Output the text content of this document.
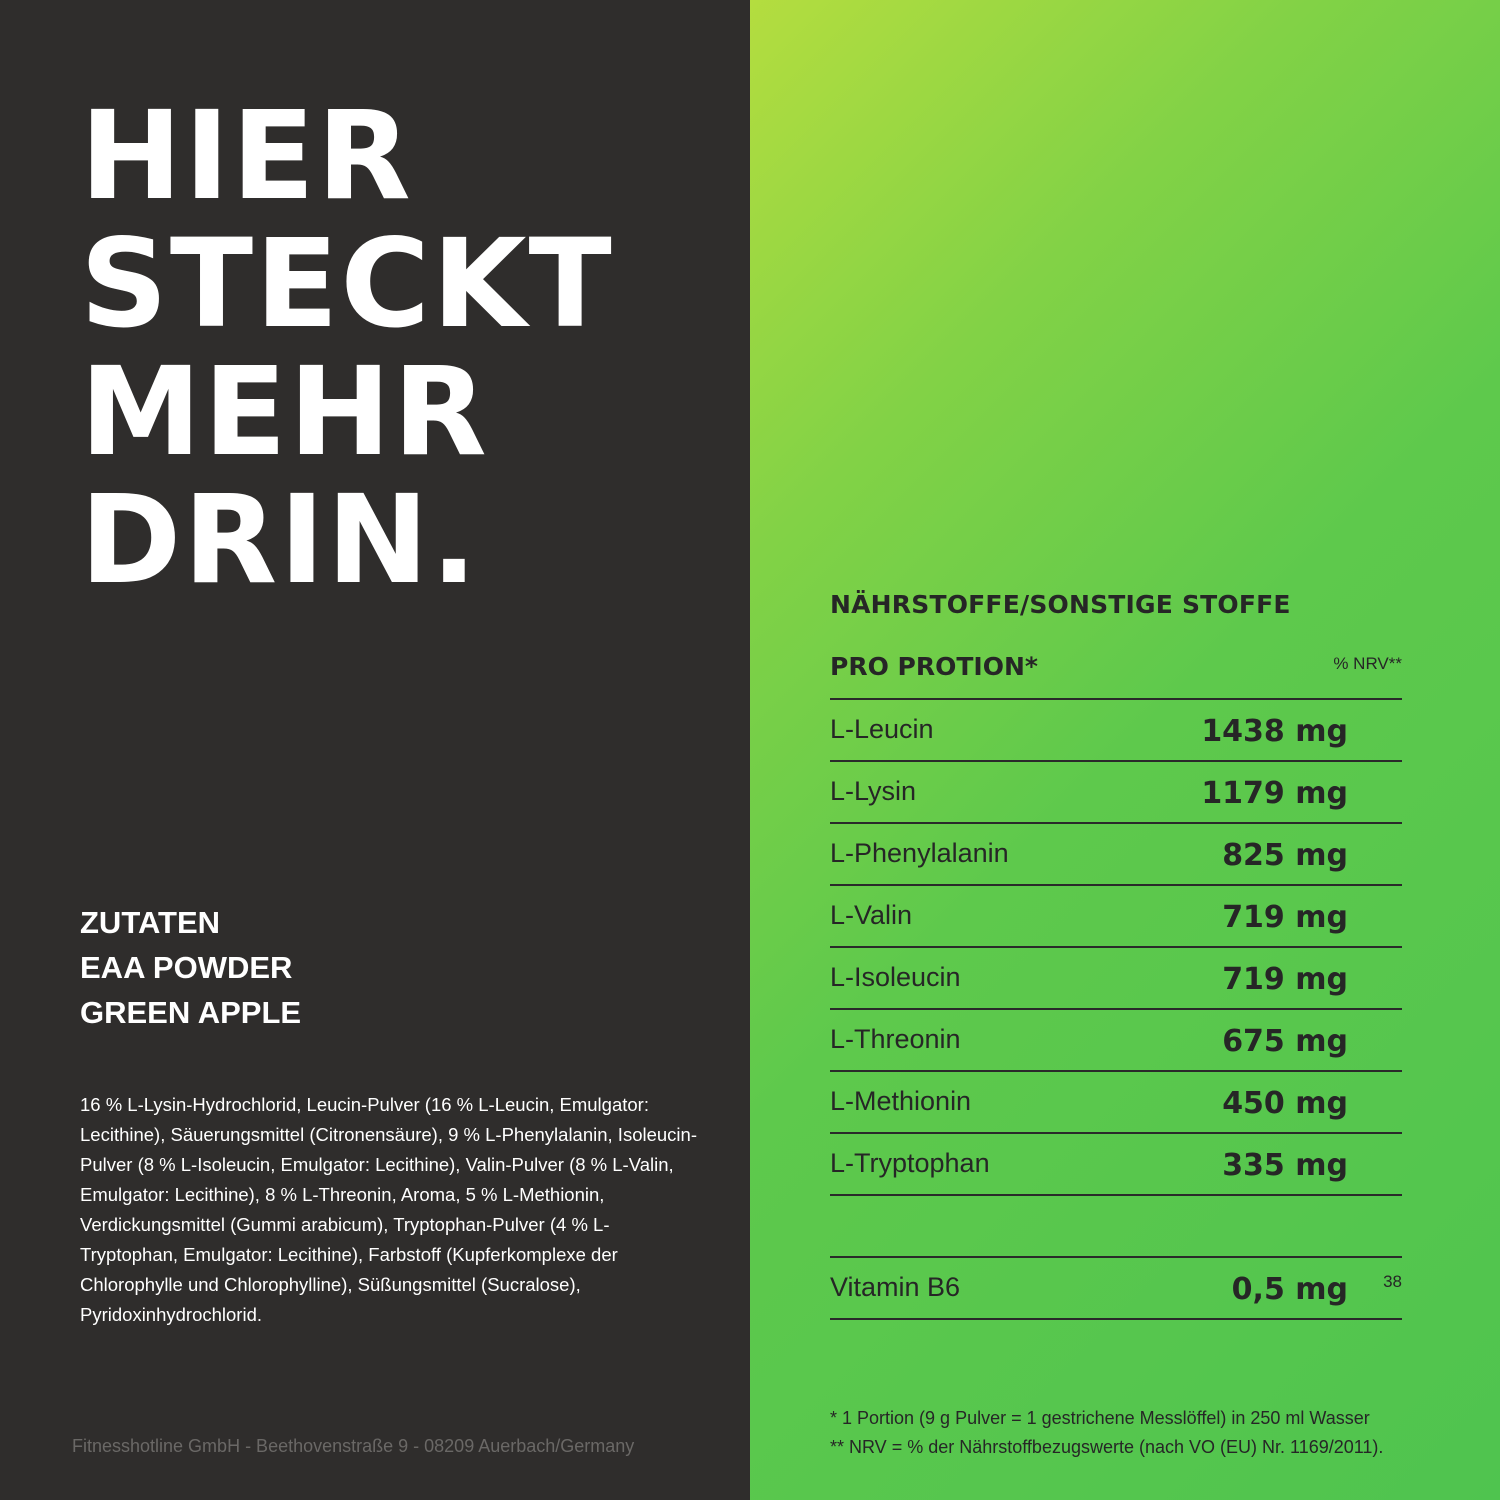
HIER
STECKT
MEHR
DRIN.
ZUTATEN
EAA POWDER
GREEN APPLE
16 % L-Lysin-Hydrochlorid, Leucin-Pulver (16 % L-Leucin, Emulgator: Lecithine), Säuerungsmittel (Citronensäure), 9 % L-Phenylalanin, Isoleucin-Pulver (8 % L-Isoleucin, Emulgator: Lecithine), Valin-Pulver (8 % L-Valin, Emulgator: Lecithine), 8 % L-Threonin, Aroma, 5 % L-Methionin, Verdickungsmittel (Gummi arabicum), Tryptophan-Pulver (4 % L-Tryptophan, Emulgator: Lecithine), Farbstoff (Kupferkomplexe der Chlorophylle und Chlorophylline), Süßungsmittel (Sucralose), Pyridoxinhydrochlorid.
Fitnesshotline GmbH - Beethovenstraße 9 - 08209 Auerbach/Germany
NÄHRSTOFFE/SONSTIGE STOFFE
PRO PROTION*	% NRV**
L-Leucin	1438 mg
L-Lysin	1179 mg
L-Phenylalanin	825 mg
L-Valin	719 mg
L-Isoleucin	719 mg
L-Threonin	675 mg
L-Methionin	450 mg
L-Tryptophan	335 mg
Vitamin B6	0,5 mg 38
* 1 Portion (9 g Pulver = 1 gestrichene Messlöffel) in 250 ml Wasser
** NRV = % der Nährstoffbezugswerte (nach VO (EU) Nr. 1169/2011).
